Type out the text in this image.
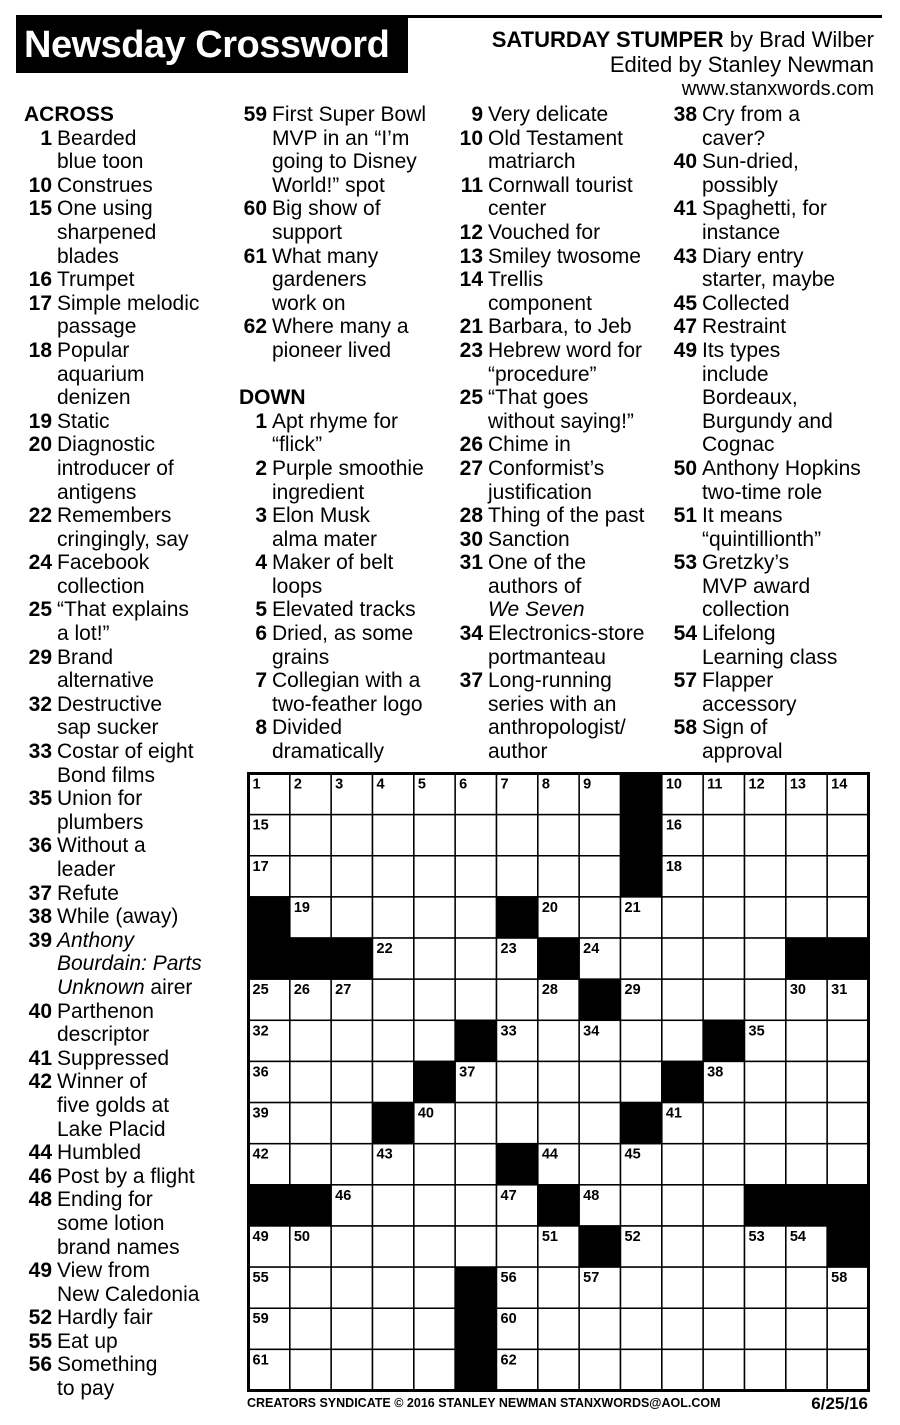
Newsday Crossword	SATURDAY STUMPER by Brad Wilber
Edited by Stanley Newman
www.stanxwords.com
ACROSS
1 Bearded
blue toon
10 Construes
15 One using
sharpened
blades
16 Trumpet
17 Simple melodic
passage
18 Popular
aquarium
denizen
19 Static
20 Diagnostic
introducer of
antigens
22 Remembers
cringingly, say
24 Facebook
collection
25 “That explains
a lot!”
29 Brand
alternative
32 Destructive
sap sucker
33 Costar of eight
Bond films
35 Union for
plumbers
36 Without a
leader
37 Refute
38 While (away)
39 Anthony
Bourdain: Parts
Unknown airer
40 Parthenon
descriptor
41 Suppressed
42 Winner of
five golds at
Lake Placid
44 Humbled
46 Post by a flight
48 Ending for
some lotion
brand names
49 View from
New Caledonia
52 Hardly fair
55 Eat up
56 Something
to pay
59 First Super Bowl
MVP in an “I’m
going to Disney
World!” spot
60 Big show of
support
61 What many
gardeners
work on
62 Where many a
pioneer lived
DOWN
1 Apt rhyme for
“flick”
2 Purple smoothie
ingredient
3 Elon Musk
alma mater
4 Maker of belt
loops
5 Elevated tracks
6 Dried, as some
grains
7 Collegian with a
two-feather logo
8 Divided
dramatically
9 Very delicate
10 Old Testament
matriarch
11 Cornwall tourist
center
12 Vouched for
13 Smiley twosome
14 Trellis
component
21 Barbara, to Jeb
23 Hebrew word for
“procedure”
25 “That goes
without saying!”
26 Chime in
27 Conformist’s
justification
28 Thing of the past
30 Sanction
31 One of the
authors of
We Seven
34 Electronics-store
portmanteau
37 Long-running
series with an
anthropologist/
author
38 Cry from a
caver?
40 Sun-dried,
possibly
41 Spaghetti, for
instance
43 Diary entry
starter, maybe
45 Collected
47 Restraint
49 Its types
include
Bordeaux,
Burgundy and
Cognac
50 Anthony Hopkins
two-time role
51 It means
“quintillionth”
53 Gretzky’s
MVP award
collection
54 Lifelong
Learning class
57 Flapper
accessory
58 Sign of
approval
1 2 3 4 5 6 7 8 9	10 11 12 13 14
15	16
17	18
19	20	21
22	23	24
25 26 27	28	29	30 31
32	33	34	35
36	37	38
39	40	41
42	43	44	45
46	47	48
49 50	51	52	53 54
55	56	57	58
59	60
61	62
CREATORS SYNDICATE © 2016 STANLEY NEWMAN STANXWORDS@AOL.COM	6/25/16
